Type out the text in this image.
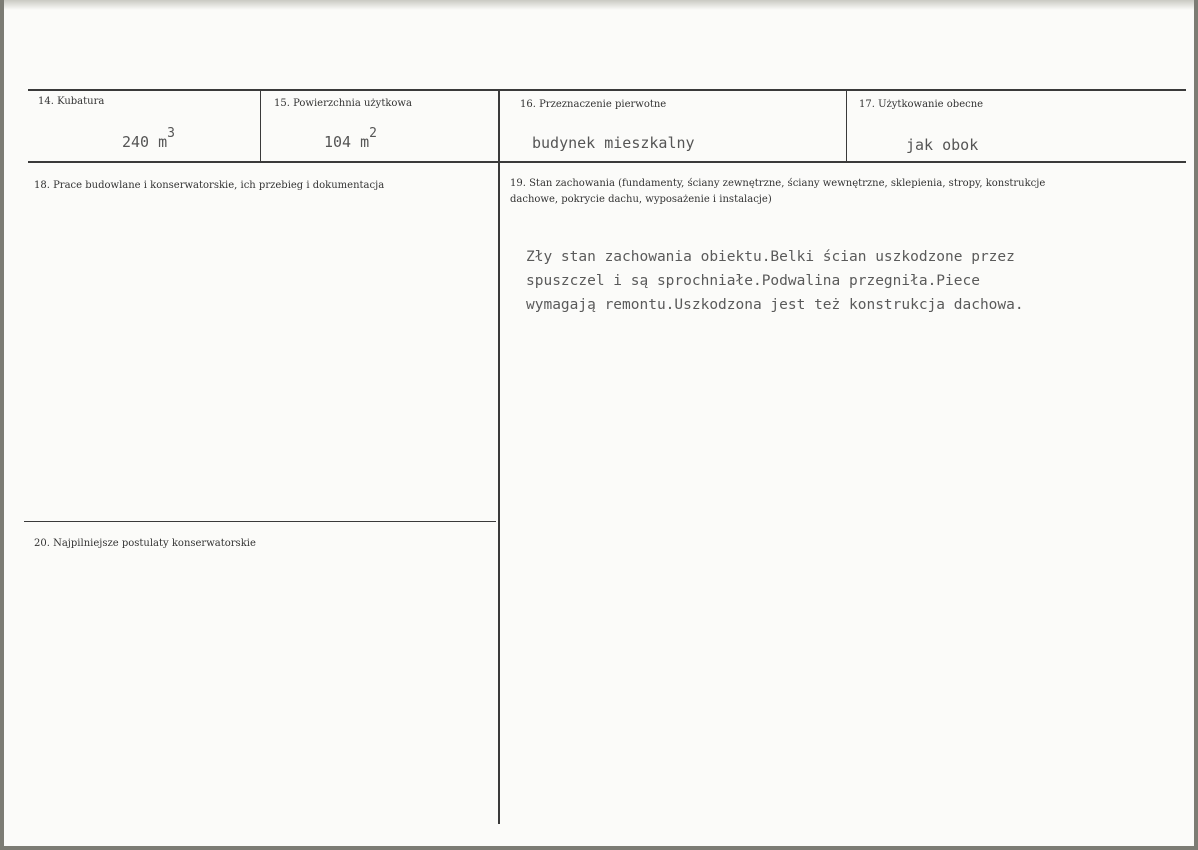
14. Kubatura
240 $m^3$
15. Powierzchnia użytkowa
104 $m^2$
16. Przeznaczenie pierwotne
budynek mieszkalny
17. Użytkowanie obecne
jak obok
18. Prace budowlane i konserwatorskie, ich przebieg i dokumentacja	19. Stan zachowania (fundamenty, ściany zewnętrzne, ściany wewnętrzne, sklepienia, stropy, konstrukcje dachowe, pokrycie dachu, wyposażenie i instalacje)
Zły stan zachowania obiektu.Belki ścian uszkodzone przez
spuszczel i są sprochniałe.Podwalina przegniła.Piece
wymagają remontu.Uszkodzona jest też konstrukcja dachowa.
20. Najpilniejsze postulaty konserwatorskie
